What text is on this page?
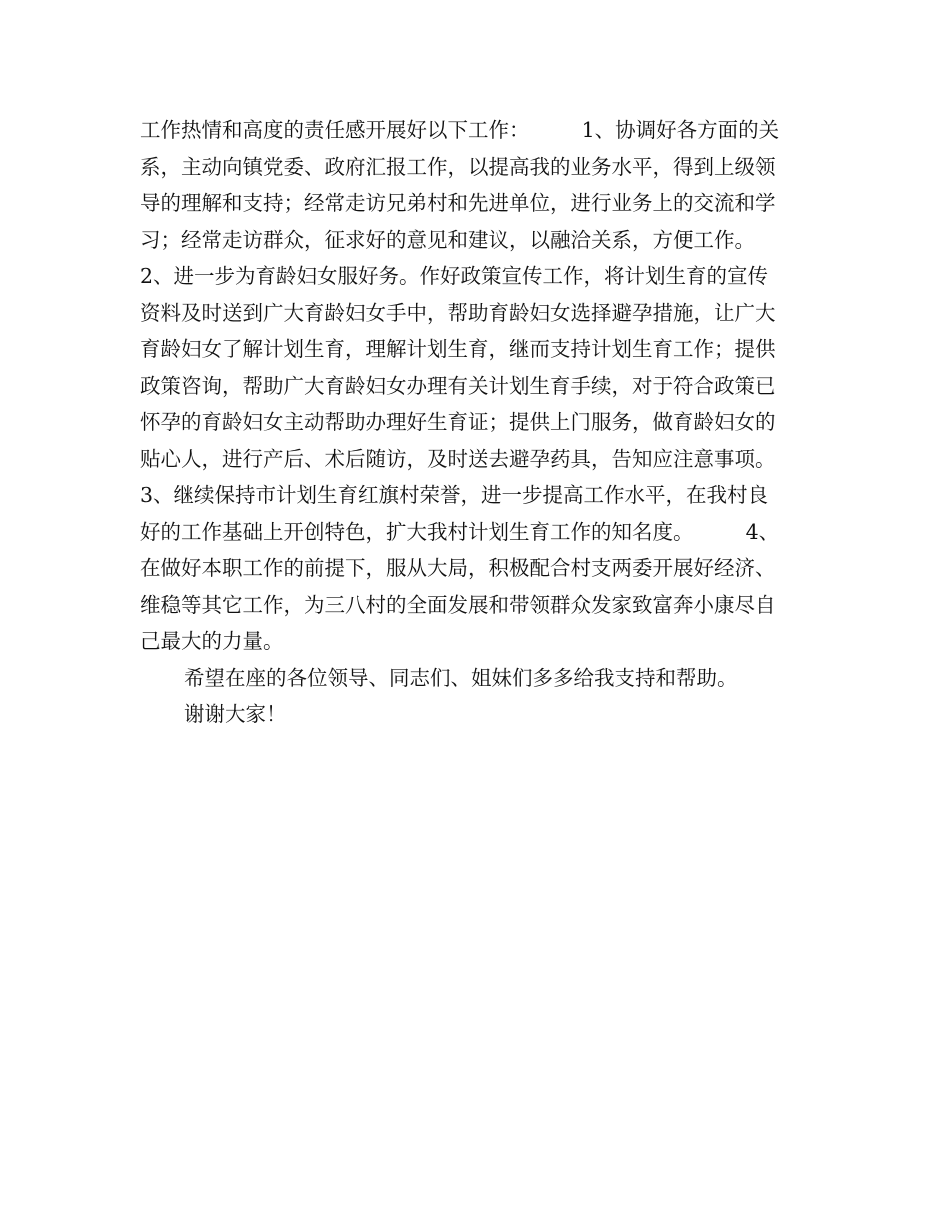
工作热情和高度的责任感开展好以下工作：        1、协调好各方面的关
系，主动向镇党委、政府汇报工作，以提高我的业务水平，得到上级领
导的理解和支持；经常走访兄弟村和先进单位，进行业务上的交流和学
习；经常走访群众，征求好的意见和建议，以融洽关系，方便工作。
2、进一步为育龄妇女服好务。作好政策宣传工作，将计划生育的宣传
资料及时送到广大育龄妇女手中，帮助育龄妇女选择避孕措施，让广大
育龄妇女了解计划生育，理解计划生育，继而支持计划生育工作；提供
政策咨询，帮助广大育龄妇女办理有关计划生育手续，对于符合政策已
怀孕的育龄妇女主动帮助办理好生育证；提供上门服务，做育龄妇女的
贴心人，进行产后、术后随访，及时送去避孕药具，告知应注意事项。
3、继续保持市计划生育红旗村荣誉，进一步提高工作水平，在我村良
好的工作基础上开创特色，扩大我村计划生育工作的知名度。        4、
在做好本职工作的前提下，服从大局，积极配合村支两委开展好经济、
维稳等其它工作，为三八村的全面发展和带领群众发家致富奔小康尽自
己最大的力量。
希望在座的各位领导、同志们、姐妹们多多给我支持和帮助。
谢谢大家！
